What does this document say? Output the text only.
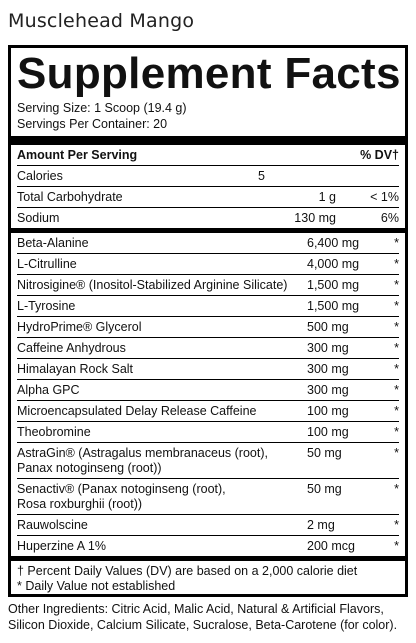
Musclehead Mango
Supplement Facts
Serving Size: 1 Scoop (19.4 g)
Servings Per Container: 20
Amount Per Serving	% DV†
Calories	5
Total Carbohydrate	1 g	< 1%
Sodium	130 mg	6%
Beta-Alanine	6,400 mg	*
L-Citrulline	4,000 mg	*
Nitrosigine® (Inositol-Stabilized Arginine Silicate)	1,500 mg	*
L-Tyrosine	1,500 mg	*
HydroPrime® Glycerol	500 mg	*
Caffeine Anhydrous	300 mg	*
Himalayan Rock Salt	300 mg	*
Alpha GPC	300 mg	*
Microencapsulated Delay Release Caffeine	100 mg	*
Theobromine	100 mg	*
AstraGin® (Astragalus membranaceus (root),
Panax notoginseng (root))
50 mg	*
Senactiv® (Panax notoginseng (root),
Rosa roxburghii (root))
50 mg	*
Rauwolscine	2 mg	*
Huperzine A 1%	200 mcg	*
† Percent Daily Values (DV) are based on a 2,000 calorie diet
* Daily Value not established
Other Ingredients: Citric Acid, Malic Acid, Natural & Artificial Flavors, Silicon Dioxide, Calcium Silicate, Sucralose, Beta-Carotene (for color).
